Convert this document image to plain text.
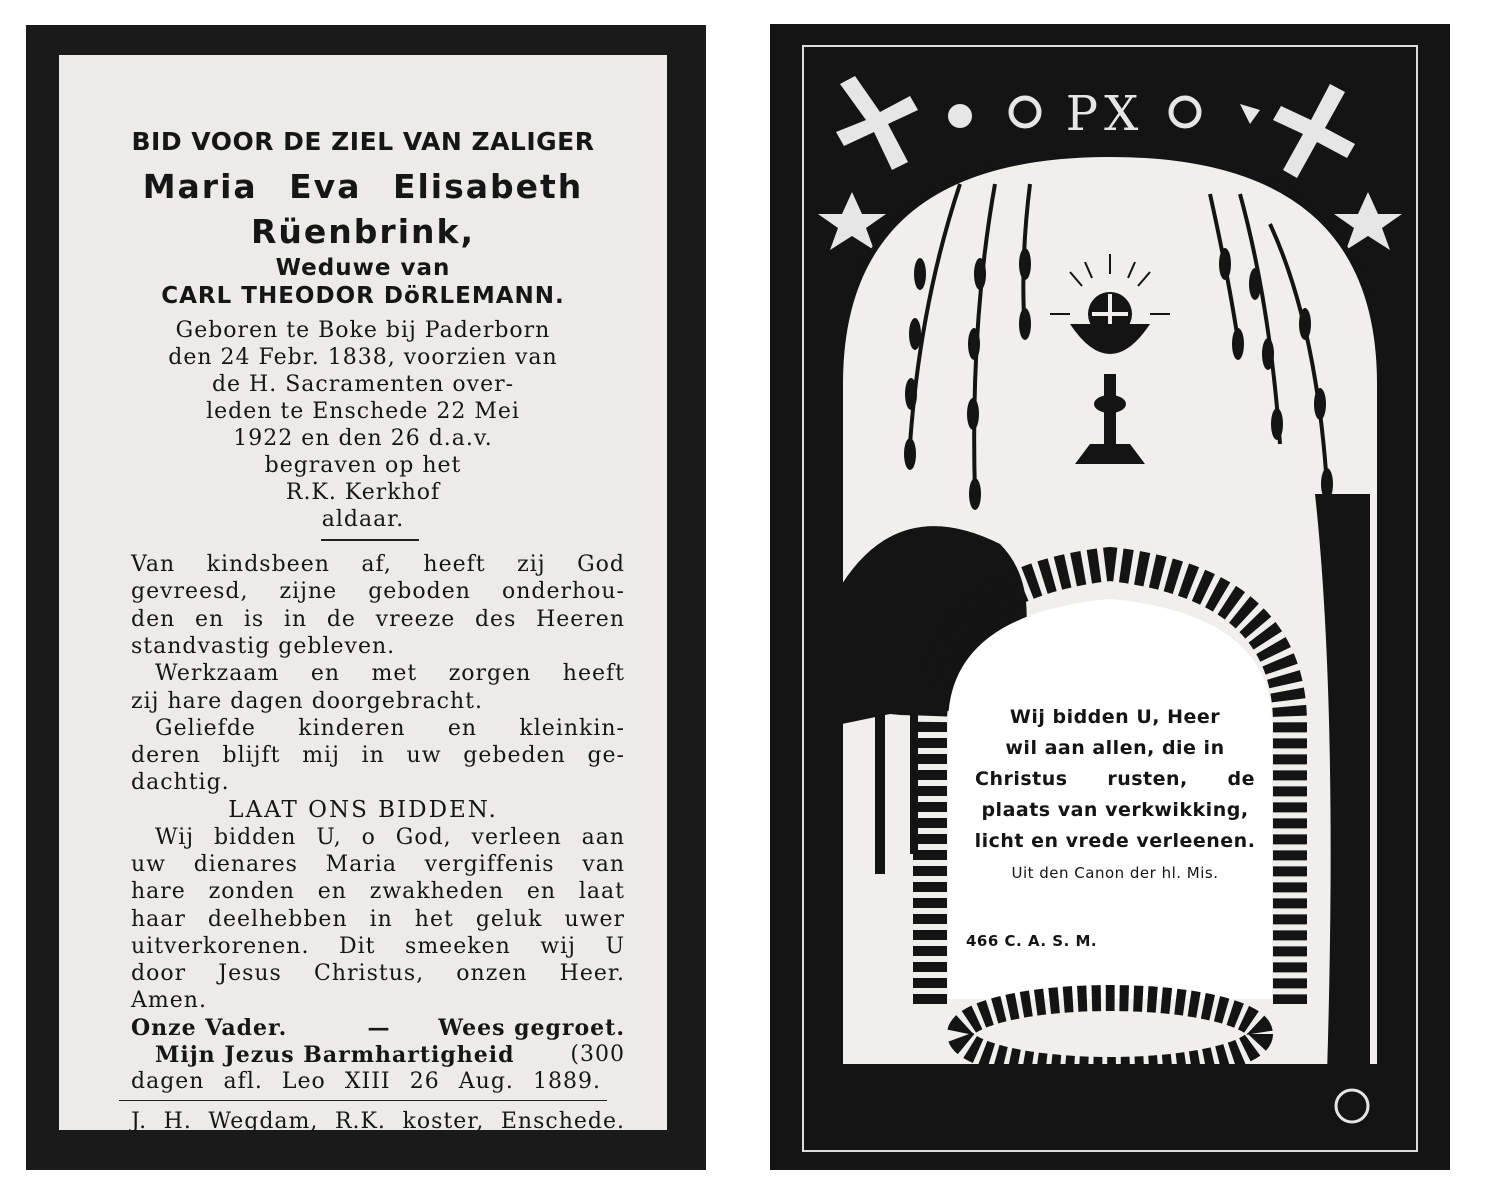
BID VOOR DE ZIEL VAN ZALIGER
Maria Eva Elisabeth
Rüenbrink,
Weduwe van
CARL THEODOR DöRLEMANN.
Geboren te Boke bij Paderborn
den 24 Febr. 1838, voorzien van
de H. Sacramenten over-
leden te Enschede 22 Mei
1922 en den 26 d.a.v.
begraven op het
R.K. Kerkhof
aldaar.
Van kindsbeen af, heeft zij God
gevreesd, zijne geboden onderhou-
den en is in de vreeze des Heeren
standvastig gebleven.
Werkzaam en met zorgen heeft
zij hare dagen doorgebracht.
Geliefde kinderen en kleinkin-
deren blijft mij in uw gebeden ge-
dachtig.
LAAT ONS BIDDEN.
Wij bidden U, o God, verleen aan
uw dienares Maria vergiffenis van
hare zonden en zwakheden en laat
haar deelhebben in het geluk uwer
uitverkorenen. Dit smeeken wij U
door Jesus Christus, onzen Heer.
Amen.
Onze Vader.	—	Wees gegroet.
Mijn Jezus Barmhartigheid	(300
dagen afl. Leo XIII 26 Aug. 1889.
J. H. Wegdam, R.K. koster, Enschede.
PX
Wij bidden U, Heer
wil aan allen, die in
Christus rusten, de
plaats van verkwikking,
licht en vrede verleenen.
Uit den Canon der hl. Mis.
466 C. A. S. M.
